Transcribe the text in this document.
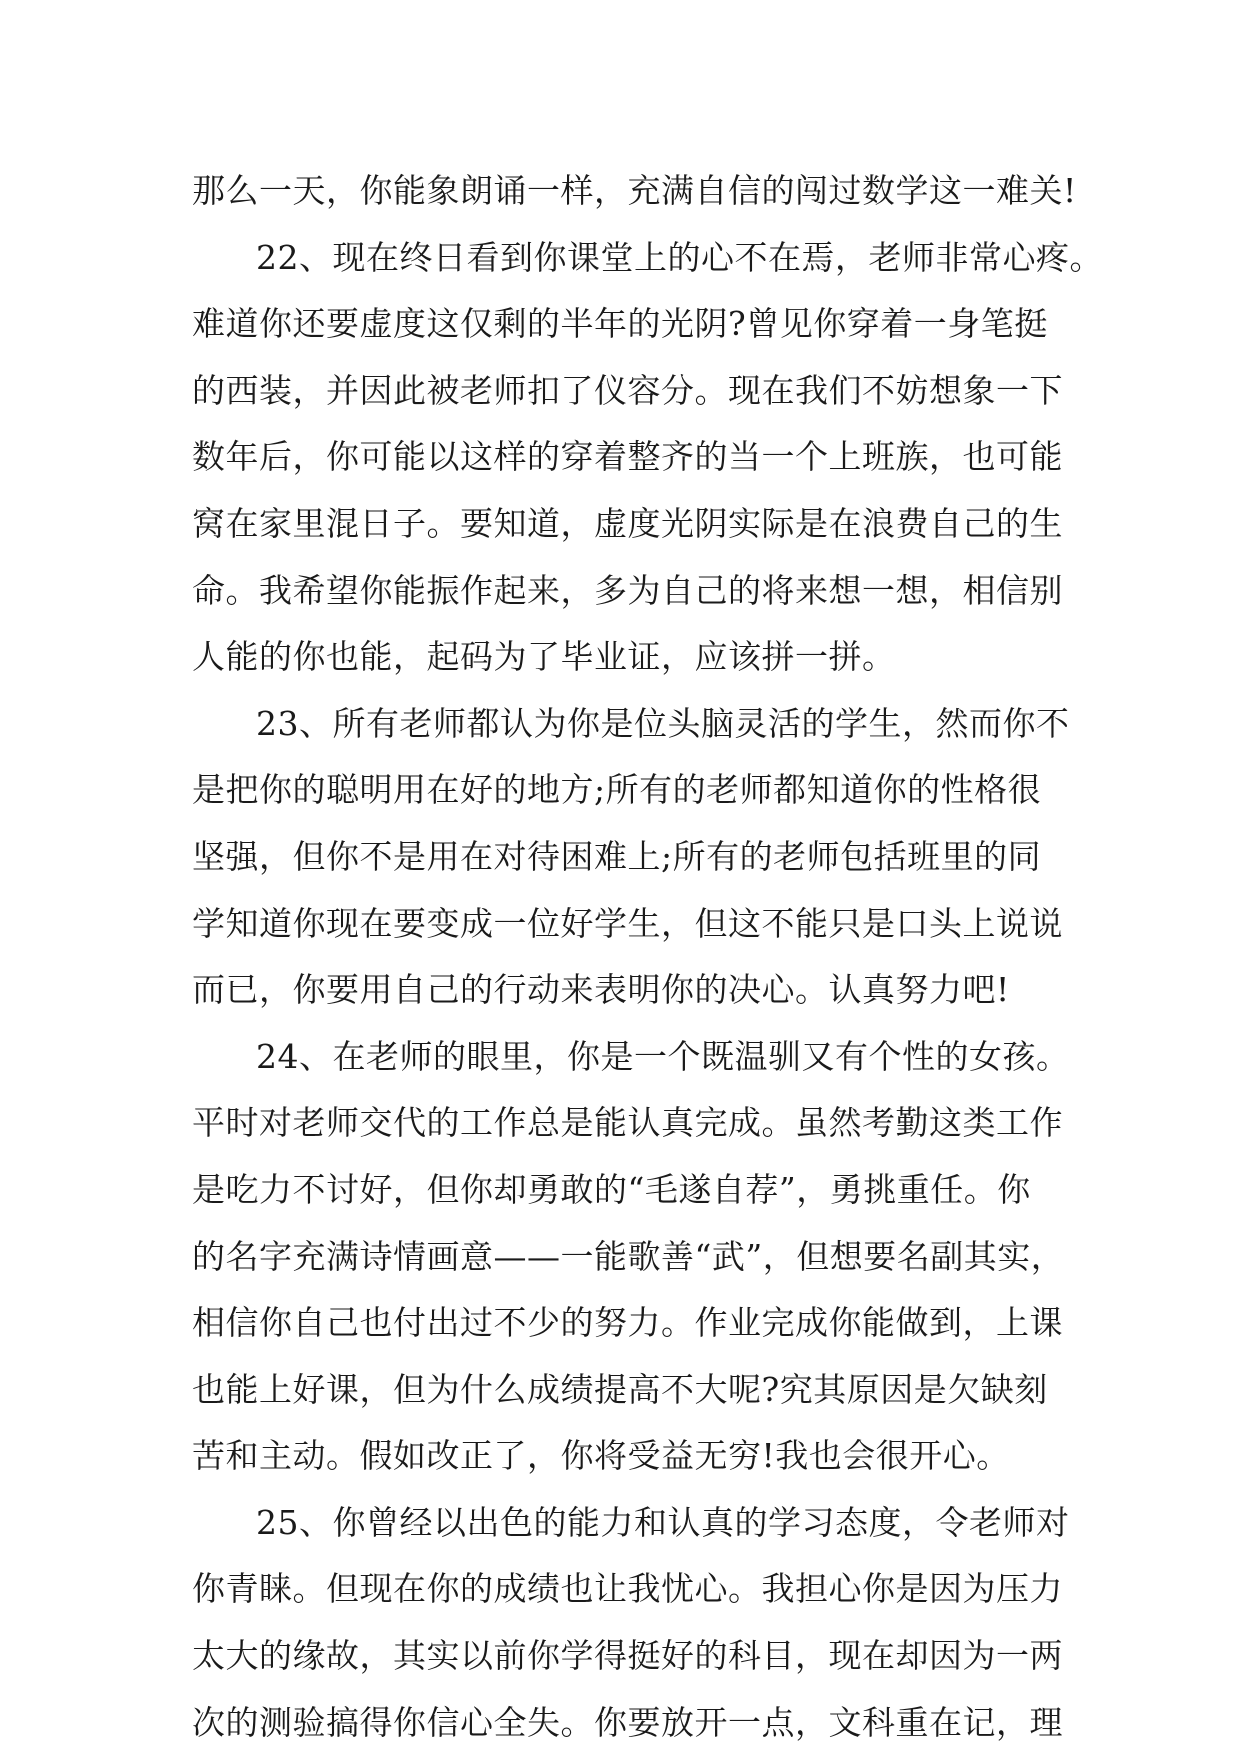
那么一天，你能象朗诵一样，充满自信的闯过数学这一难关!
22、现在终日看到你课堂上的心不在焉，老师非常心疼。
难道你还要虚度这仅剩的半年的光阴?曾见你穿着一身笔挺
的西装，并因此被老师扣了仪容分。现在我们不妨想象一下
数年后，你可能以这样的穿着整齐的当一个上班族，也可能
窝在家里混日子。要知道，虚度光阴实际是在浪费自己的生
命。我希望你能振作起来，多为自己的将来想一想，相信别
人能的你也能，起码为了毕业证，应该拼一拼。
23、所有老师都认为你是位头脑灵活的学生，然而你不
是把你的聪明用在好的地方;所有的老师都知道你的性格很
坚强，但你不是用在对待困难上;所有的老师包括班里的同
学知道你现在要变成一位好学生，但这不能只是口头上说说
而已，你要用自己的行动来表明你的决心。认真努力吧!
24、在老师的眼里，你是一个既温驯又有个性的女孩。
平时对老师交代的工作总是能认真完成。虽然考勤这类工作
是吃力不讨好，但你却勇敢的“毛遂自荐”，勇挑重任。你
的名字充满诗情画意——一能歌善“武”，但想要名副其实，
相信你自己也付出过不少的努力。作业完成你能做到，上课
也能上好课，但为什么成绩提高不大呢?究其原因是欠缺刻
苦和主动。假如改正了，你将受益无穷!我也会很开心。
25、你曾经以出色的能力和认真的学习态度，令老师对
你青睐。但现在你的成绩也让我忧心。我担心你是因为压力
太大的缘故，其实以前你学得挺好的科目，现在却因为一两
次的测验搞得你信心全失。你要放开一点，文科重在记，理
